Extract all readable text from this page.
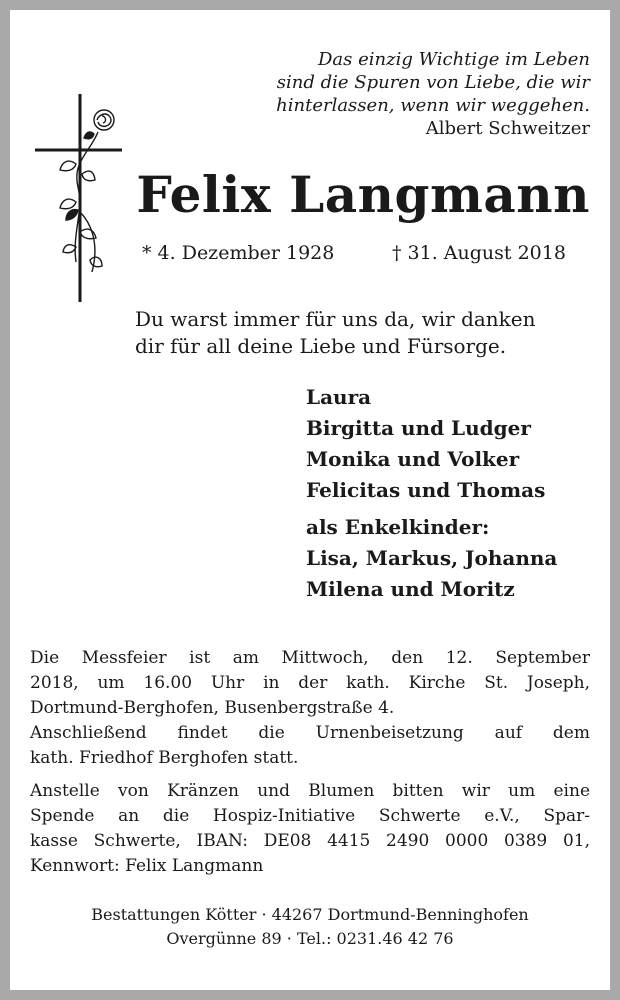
Das einzig Wichtige im Leben
sind die Spuren von Liebe, die wir
hinterlassen, wenn wir weggehen.
Albert Schweitzer
Felix Langmann
* 4. Dezember 1928	† 31. August 2018
Du warst immer für uns da, wir danken
dir für all deine Liebe und Fürsorge.
Laura
Birgitta und Ludger
Monika und Volker
Felicitas und Thomas
als Enkelkinder:
Lisa, Markus, Johanna
Milena und Moritz
Die Messfeier ist am Mittwoch, den 12. September
2018, um 16.00 Uhr in der kath. Kirche St. Joseph,
Dortmund-Berghofen, Busenbergstraße 4.
Anschließend findet die Urnenbeisetzung auf dem
kath. Friedhof Berghofen statt.
Anstelle von Kränzen und Blumen bitten wir um eine
Spende an die Hospiz-Initiative Schwerte e.V., Spar-
kasse Schwerte, IBAN: DE08 4415 2490 0000 0389 01,
Kennwort: Felix Langmann
Bestattungen Kötter · 44267 Dortmund-Benninghofen
Overgünne 89 · Tel.: 0231.46 42 76
